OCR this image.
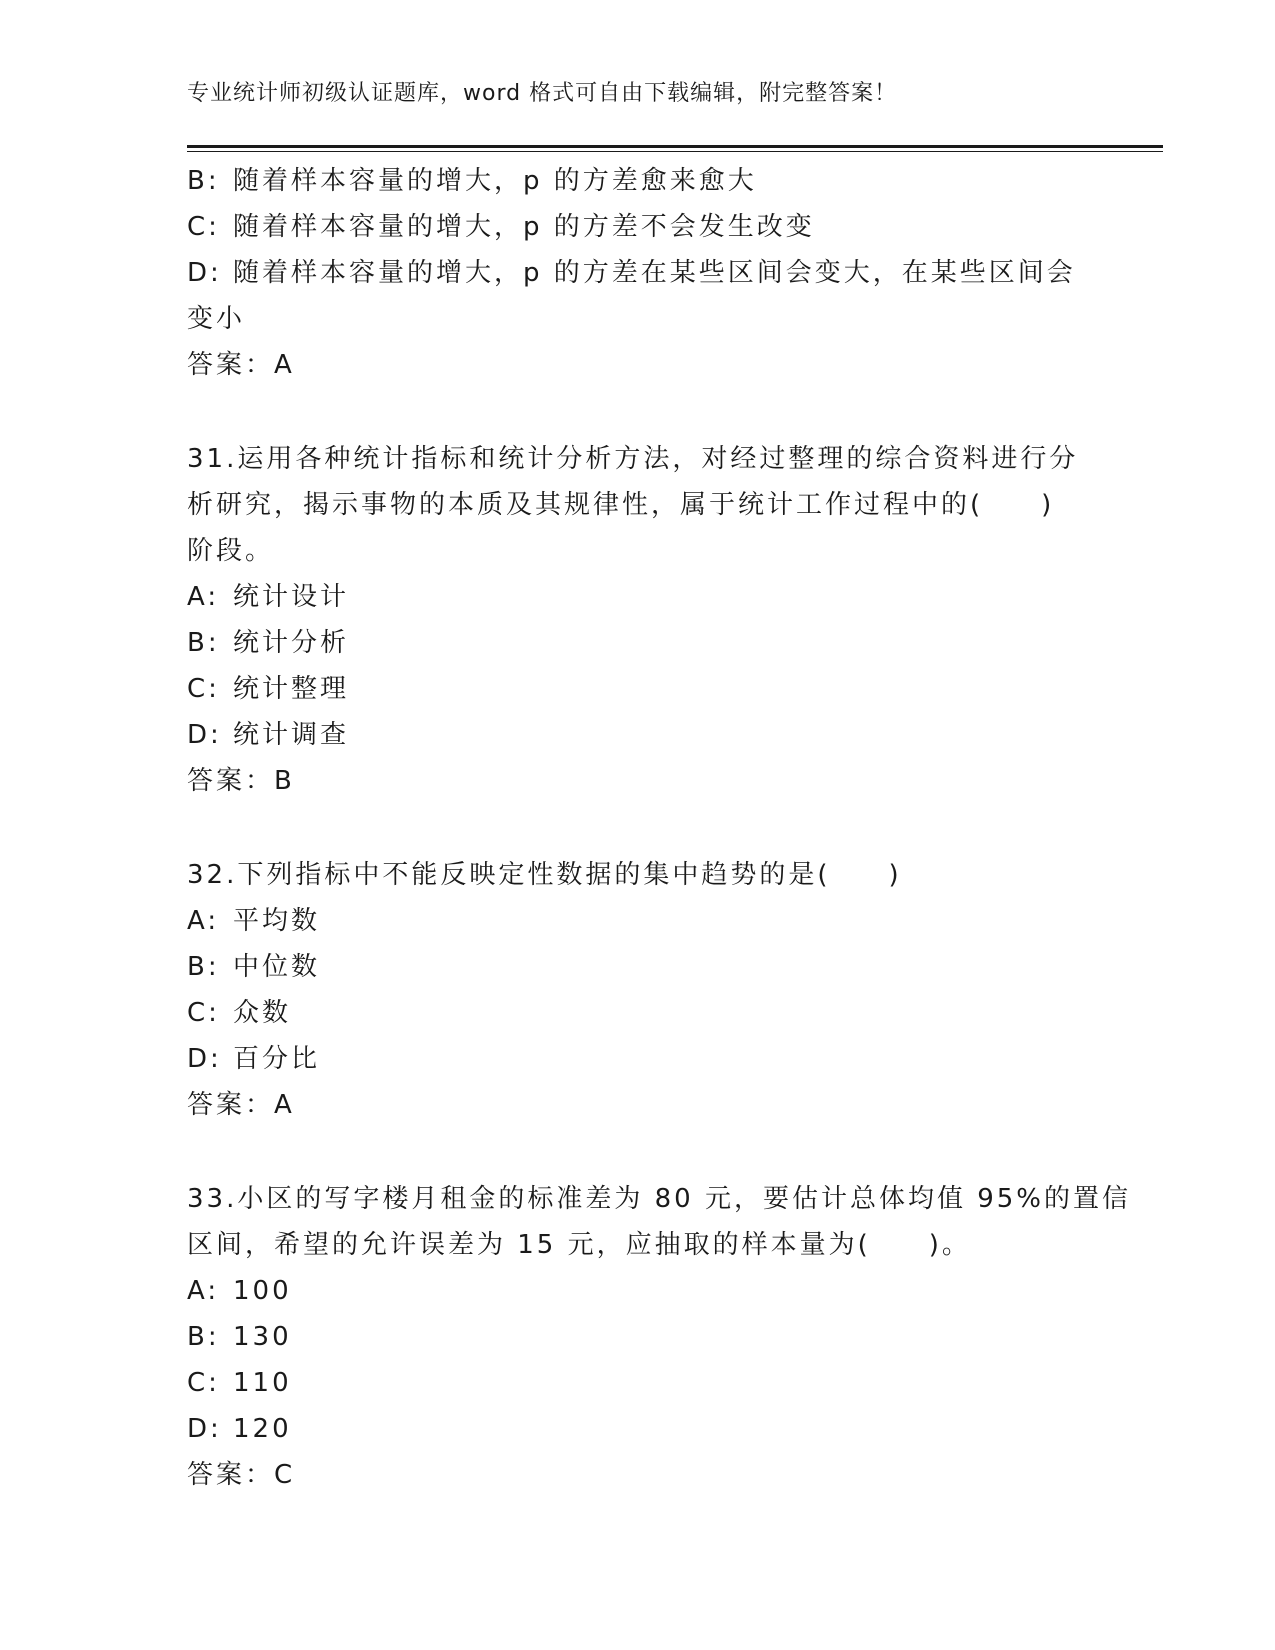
专业统计师初级认证题库，word 格式可自由下载编辑，附完整答案！
B: 随着样本容量的增大，p 的方差愈来愈大
C: 随着样本容量的增大，p 的方差不会发生改变
D: 随着样本容量的增大，p 的方差在某些区间会变大，在某些区间会
变小
答案：A
31.运用各种统计指标和统计分析方法，对经过整理的综合资料进行分
析研究，揭示事物的本质及其规律性，属于统计工作过程中的(　　)
阶段。
A: 统计设计
B: 统计分析
C: 统计整理
D: 统计调查
答案：B
32.下列指标中不能反映定性数据的集中趋势的是(　　)
A: 平均数
B: 中位数
C: 众数
D: 百分比
答案：A
33.小区的写字楼月租金的标准差为 80 元，要估计总体均值 95%的置信
区间，希望的允许误差为 15 元，应抽取的样本量为(　　)。
A: 100
B: 130
C: 110
D: 120
答案：C
